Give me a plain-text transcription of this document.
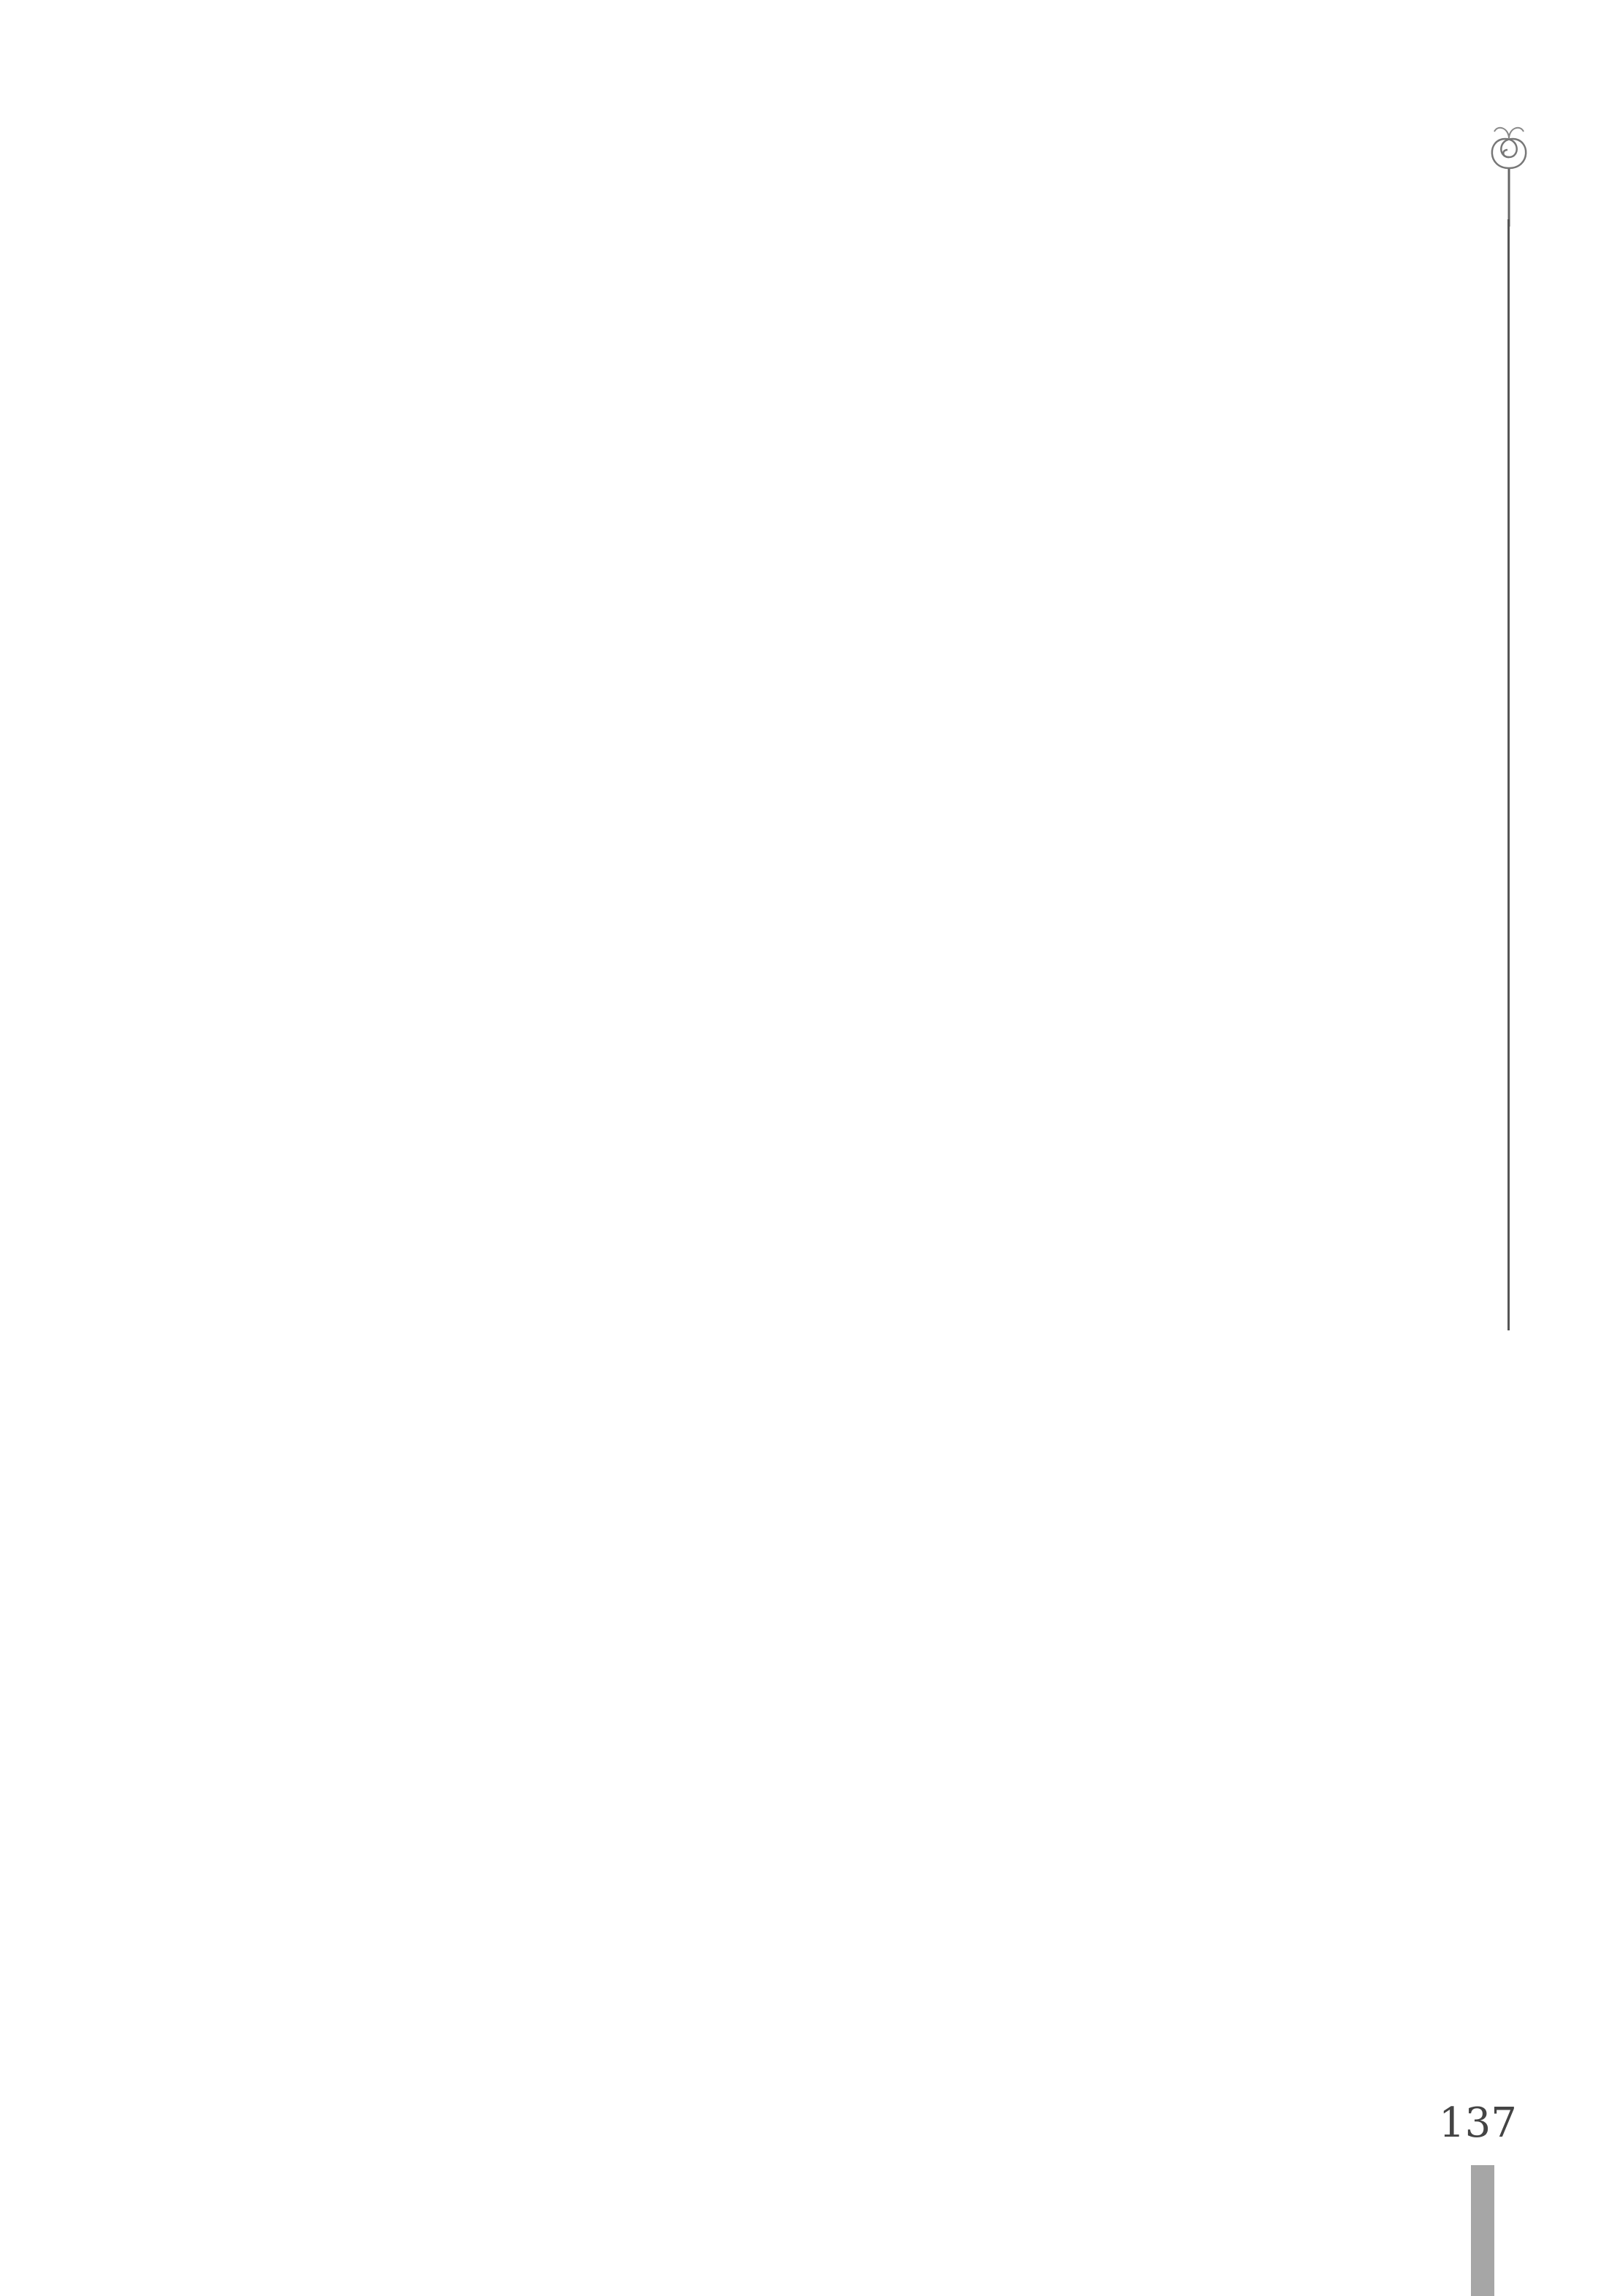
137
